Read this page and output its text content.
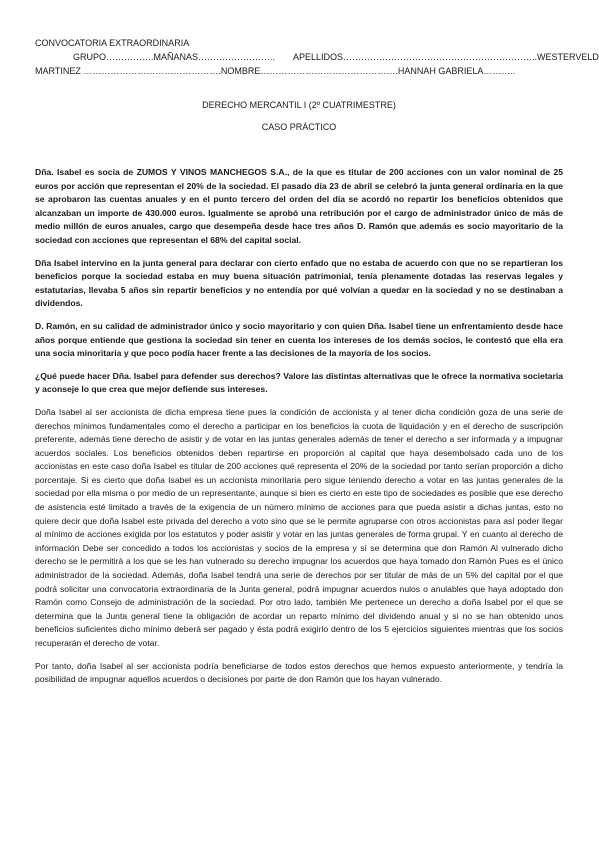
CONVOCATORIA EXTRAORDINARIA
GRUPO…………….MAÑANAS…………………….. APELLIDOS………………………………………………………..WESTERVELD
MARTINEZ ……………………………………….NOMBRE……………………………………….HANNAH GABRIELA………..
DERECHO MERCANTIL I (2º CUATRIMESTRE)
CASO PRÁCTICO

Dña. Isabel es socia de ZUMOS Y VINOS MANCHEGOS S.A., de la que es titular de 200 acciones con un valor nominal de 25 euros por acción que representan el 20% de la sociedad. El pasado día 23 de abril se celebró la junta general ordinaria en la que se aprobaron las cuentas anuales y en el punto tercero del orden del día se acordó no repartir los beneficios obtenidos que alcanzaban un importe de 430.000 euros. Igualmente se aprobó una retribución por el cargo de administrador único de más de medio millón de euros anuales, cargo que desempeña desde hace tres años D. Ramón que además es socio mayoritario de la sociedad con acciones que representan el 68% del capital social.

Dña Isabel intervino en la junta general para declarar con cierto enfado que no estaba de acuerdo con que no se repartieran los beneficios porque la sociedad estaba en muy buena situación patrimonial, tenía plenamente dotadas las reservas legales y estatutarias, llevaba 5 años sin repartir beneficios y no entendía por qué volvían a quedar en la sociedad y no se destinaban a dividendos.

D. Ramón, en su calidad de administrador único y socio mayoritario y con quien Dña. Isabel tiene un enfrentamiento desde hace años porque entiende que gestiona la sociedad sin tener en cuenta los intereses de los demás socios, le contestó que ella era una socia minoritaria y que poco podía hacer frente a las decisiones de la mayoría de los socios.

¿Qué puede hacer Dña. Isabel para defender sus derechos? Valore las distintas alternativas que le ofrece la normativa societaria y aconseje lo que crea que mejor defiende sus intereses.

Doña Isabel al ser accionista de dicha empresa tiene pues la condición de accionista y al tener dicha condición goza de una serie de derechos mínimos fundamentales como el derecho a participar en los beneficios la cuota de liquidación y en el derecho de suscripción preferente, además tiene derecho de asistir y de votar en las juntas generales además de tener el derecho a ser informada y a impugnar acuerdos sociales. Los beneficios obtenidos deben repartirse en proporción al capital que haya desembolsado cada uno de los accionistas en este caso doña Isabel es titular de 200 acciones qué representa el 20% de la sociedad por tanto serían proporción a dicho porcentaje. Si es cierto que doña Isabel es un accionista minoritaria pero sigue teniendo derecho a votar en las juntas generales de la sociedad por ella misma o por medio de un representante, aunque si bien es cierto en este tipo de sociedades es posible que ese derecho de asistencia esté limitado a través de la exigencia de un número mínimo de acciones para que pueda asistir a dichas juntas, esto no quiere decir que doña Isabel este privada del derecho a voto sino que se le permite agruparse con otros accionistas para así poder llegar al mínimo de acciones exigida por los estatutos y poder asistir y votar en las juntas generales de forma grupal. Y en cuanto al derecho de información Debe ser concedido a todos los accionistas y socios de la empresa y sí se determina que don Ramón Al vulnerado dicho derecho se le permitirá a los que se les han vulnerado su derecho impugnar los acuerdos que haya tomado don Ramón Pues es el único administrador de la sociedad. Además, doña Isabel tendrá una serie de derechos por ser titular de más de un 5% del capital por el que podrá solicitar una convocatoria extraordinaria de la Junta general, podrá impugnar acuerdos nulos o anulables que haya adoptado don Ramón como Consejo de administración de la sociedad. Por otro lado, también Me pertenece un derecho a doña Isabel por el que se determina que la Junta general tiene la obligación de acordar un reparto mínimo del dividendo anual y si no se han obtenido unos beneficios suficientes dicho mínimo deberá ser pagado y ésta podrá exigirlo dentro de los 5 ejercicios siguientes mientras que los socios recuperarán el derecho de votar.

Por tanto, doña Isabel al ser accionista podría beneficiarse de todos estos derechos que hemos expuesto anteriormente, y tendría la posibilidad de impugnar aquellos acuerdos o decisiones por parte de don Ramón que los hayan vulnerado.
